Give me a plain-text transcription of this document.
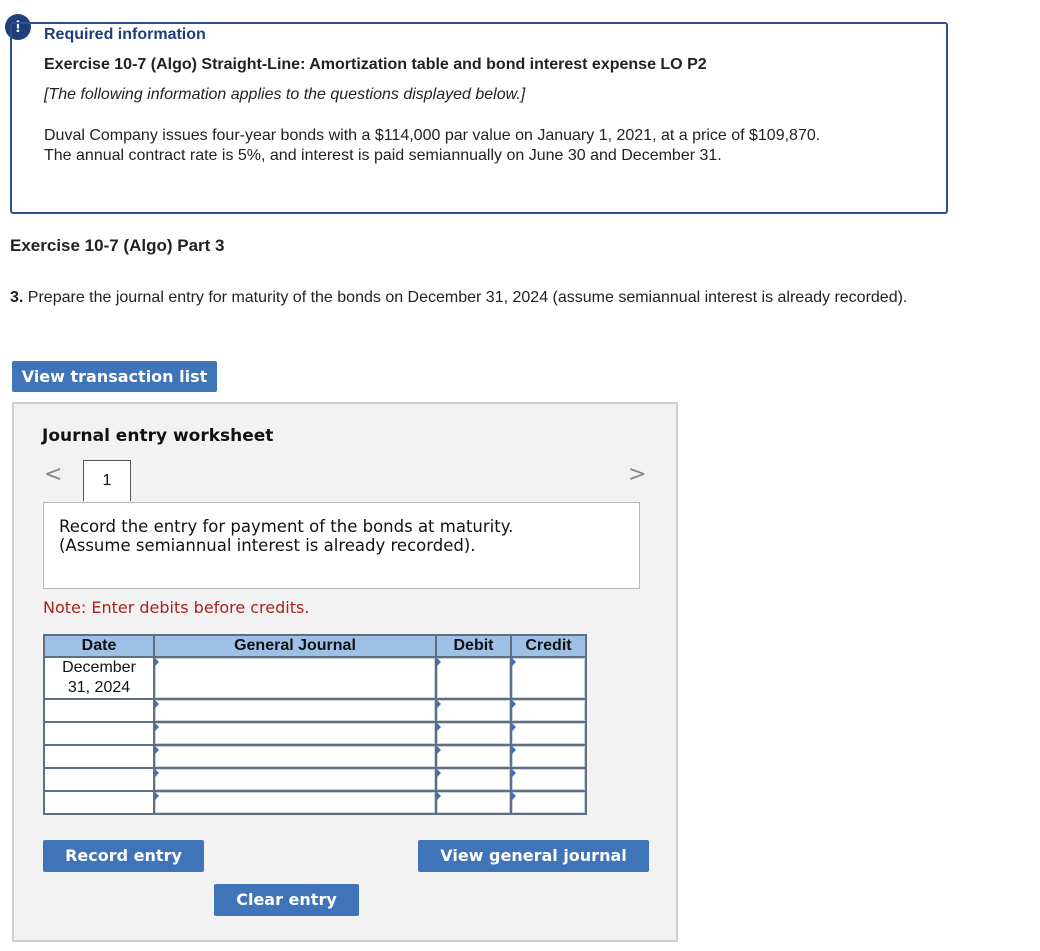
!	Required information
Exercise 10-7 (Algo) Straight-Line: Amortization table and bond interest expense LO P2
[The following information applies to the questions displayed below.]
Duval Company issues four-year bonds with a $114,000 par value on January 1, 2021, at a price of $109,870.
The annual contract rate is 5%, and interest is paid semiannually on June 30 and December 31.
Exercise 10-7 (Algo) Part 3
3. Prepare the journal entry for maturity of the bonds on December 31, 2024 (assume semiannual interest is already recorded).
View transaction list
Journal entry worksheet
<	1	>
Record the entry for payment of the bonds at maturity.
(Assume semiannual interest is already recorded).
Note: Enter debits before credits.
Date	General Journal	Debit	Credit

December
31, 2024			

Record entry	View general journal
Clear entry
